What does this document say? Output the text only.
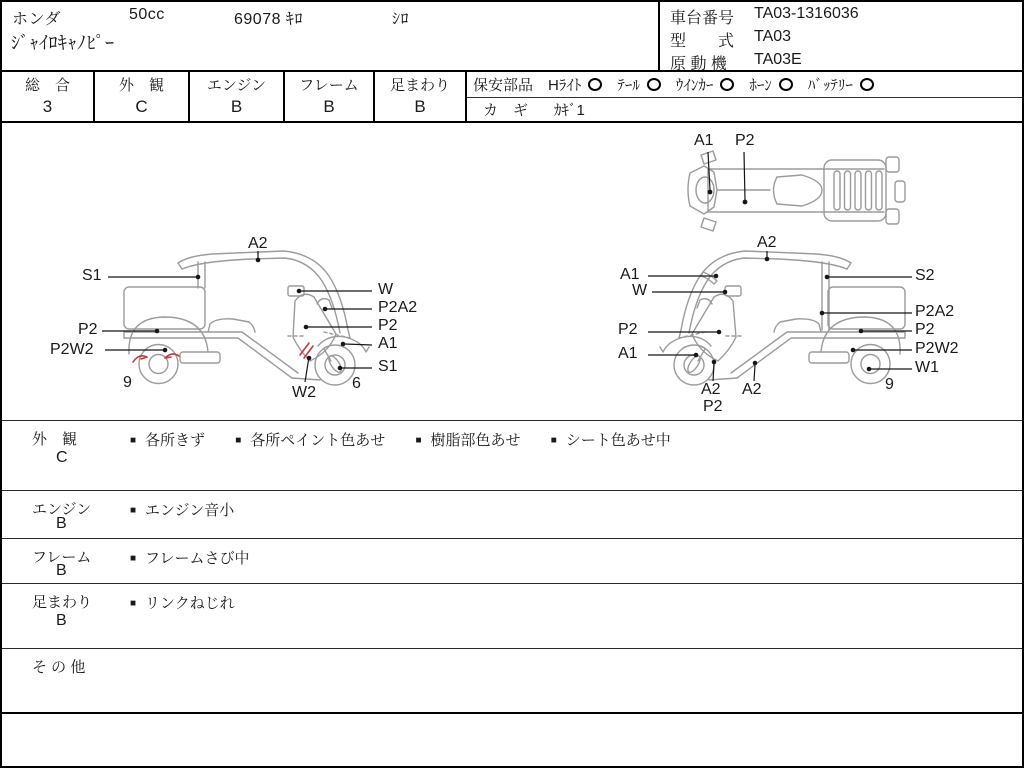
ホンダ	50cc	69078 ｷﾛ	ｼﾛ
ｼﾞｬｲﾛｷｬﾉﾋﾟｰ
車台番号	TA03-1316036
型　　式	TA03
原 動 機	TA03E
総　合
3
外　観
C
エンジン
B
フレーム
B
足まわり
B
保安部品 Hﾗｲﾄ ﾃｰﾙ ｳｲﾝｶｰ ﾎｰﾝ ﾊﾞｯﾃﾘｰ
カ　ギ ｶｷﾞ1
A1 P2
A2
S1
P2
P2W2
W
P2A2
P2
A1
S1
W2
9	6
A2
A1
W
P2
A1
A2
P2
A2
S2
P2A2
P2
P2W2
W1
9
外　観
C
■ 各所きず	■ 各所ペイント色あせ	■ 樹脂部色あせ	■ シート色あせ中
エンジン
B
■ エンジン音小
フレーム
B
■ フレームさび中
足まわり
B
■ リンクねじれ
そ の 他
